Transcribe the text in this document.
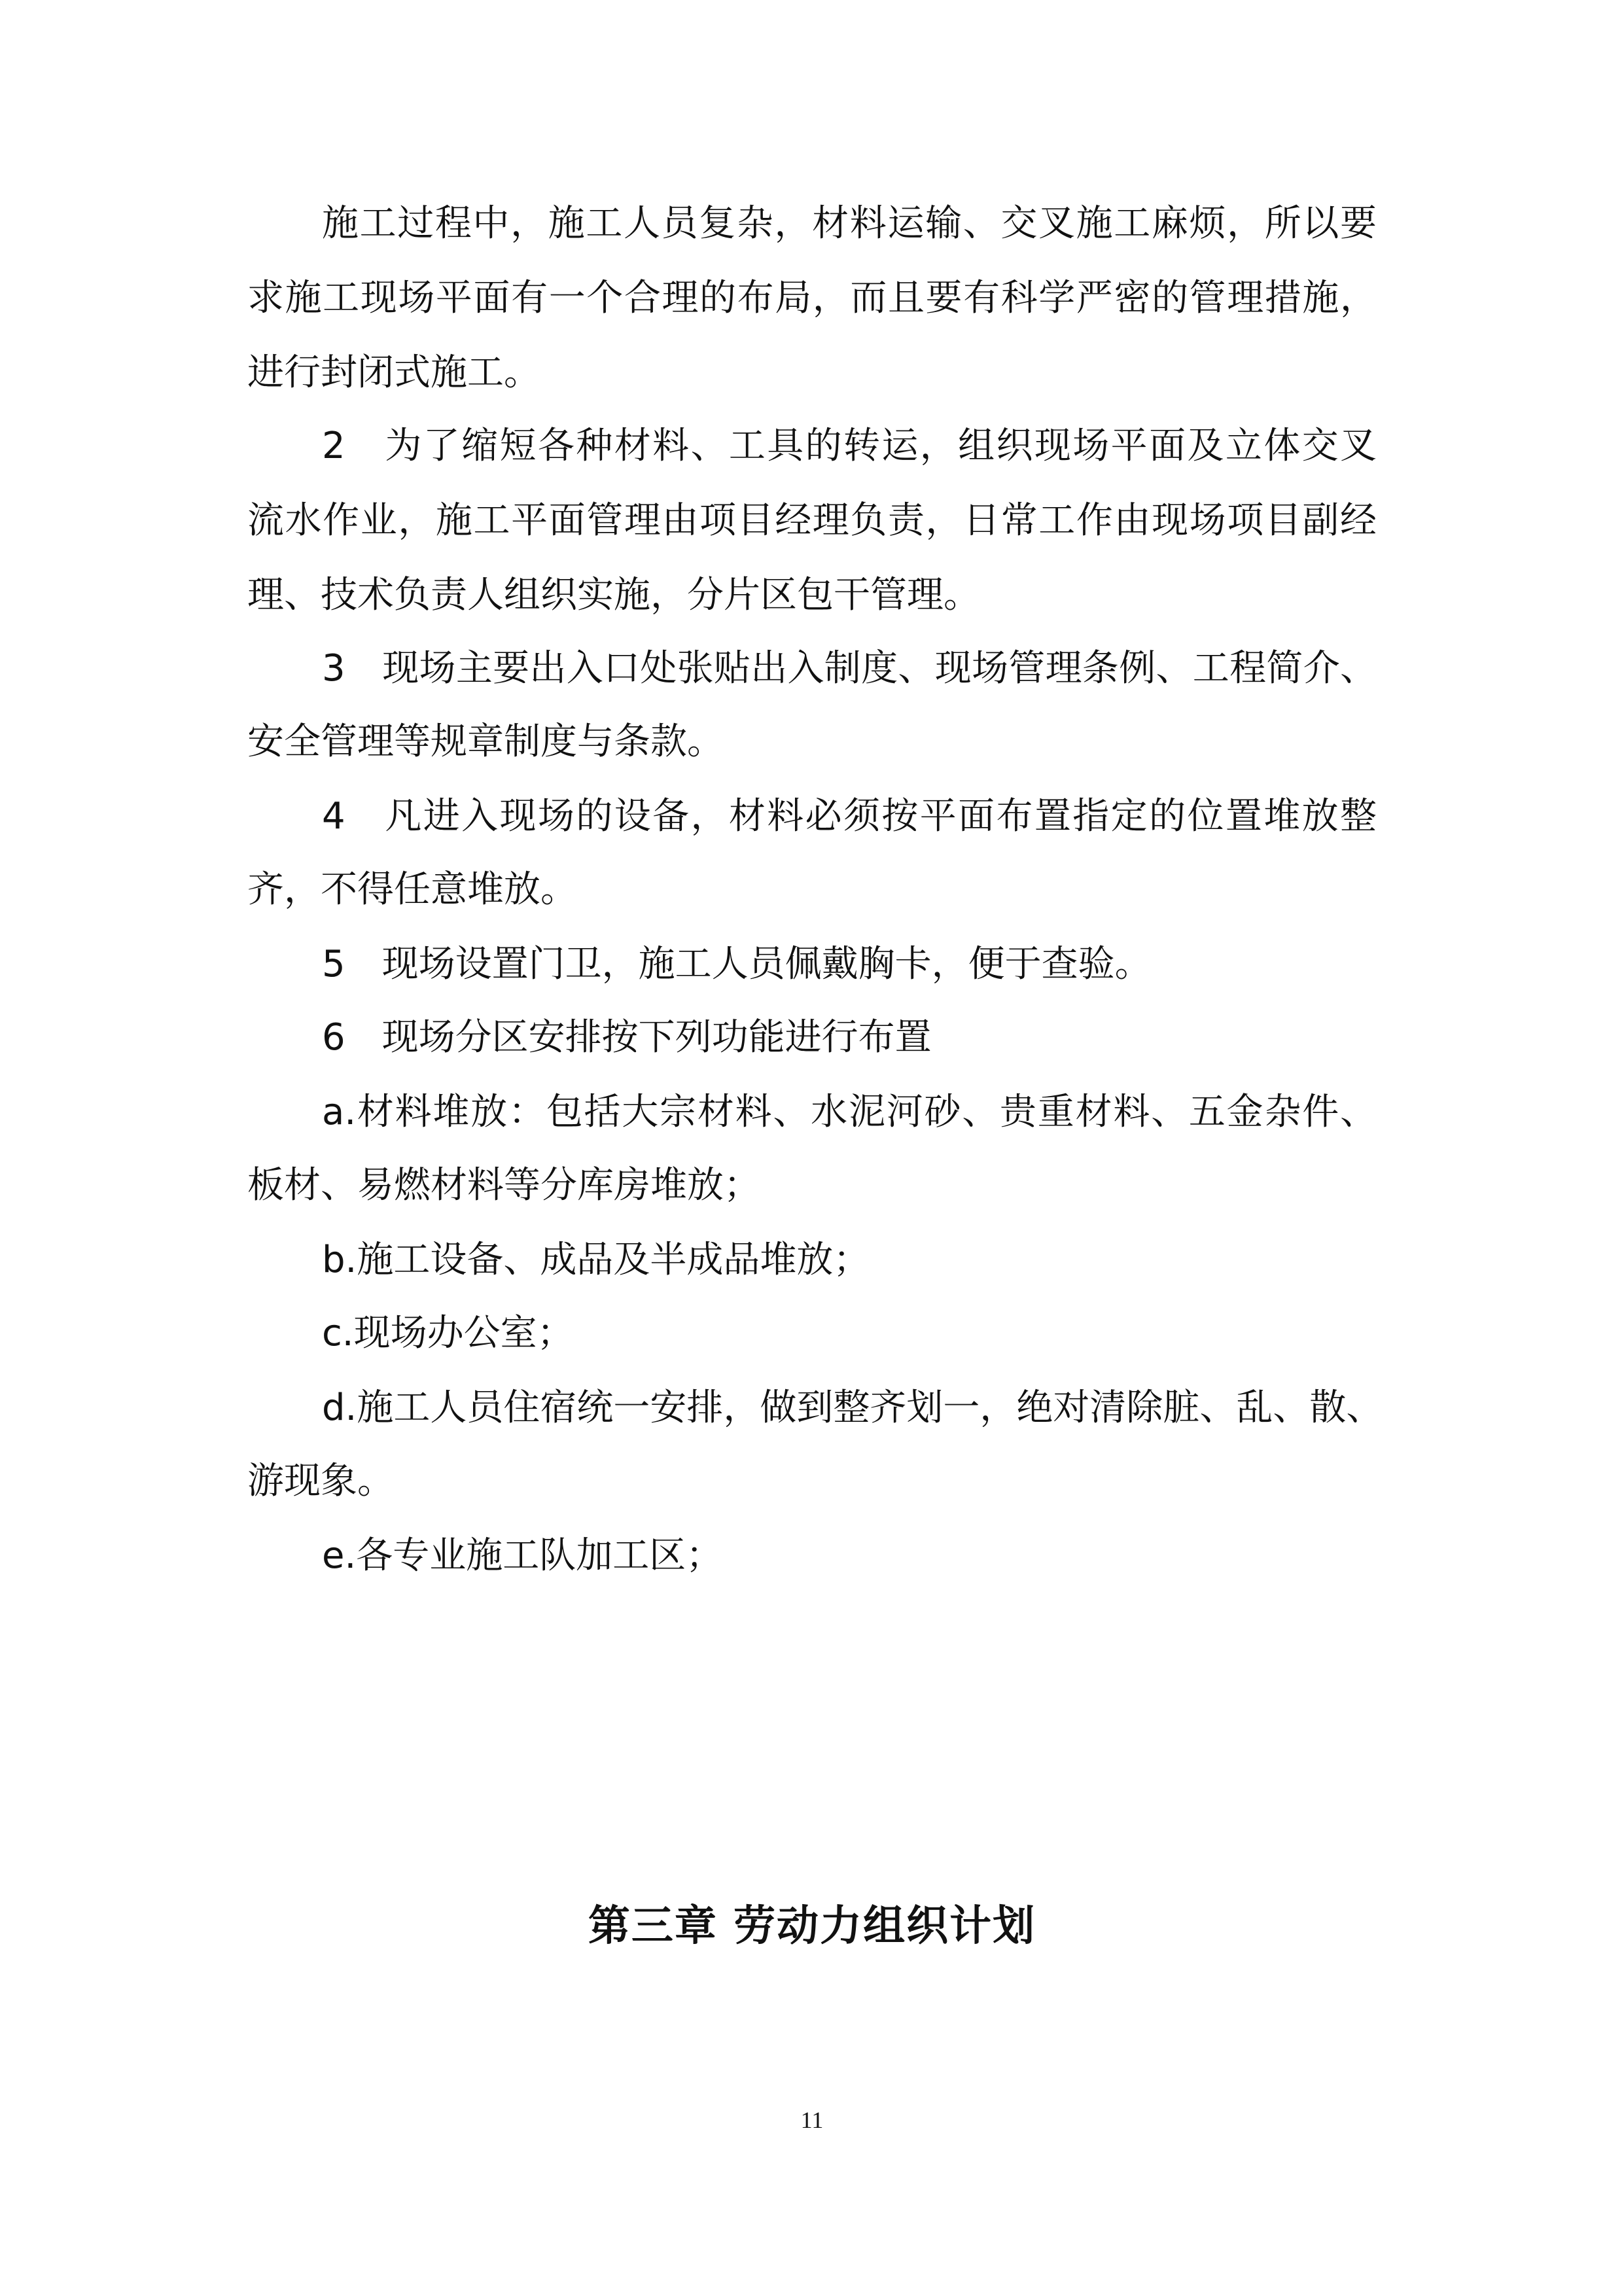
施工过程中，施工人员复杂，材料运输、交叉施工麻烦，所以要
求施工现场平面有一个合理的布局，而且要有科学严密的管理措施，
进行封闭式施工。
2　为了缩短各种材料、工具的转运，组织现场平面及立体交叉
流水作业，施工平面管理由项目经理负责，日常工作由现场项目副经
理、技术负责人组织实施，分片区包干管理。
3　现场主要出入口处张贴出入制度、现场管理条例、工程简介、
安全管理等规章制度与条款。
4　凡进入现场的设备，材料必须按平面布置指定的位置堆放整
齐，不得任意堆放。
5　现场设置门卫，施工人员佩戴胸卡，便于查验。
6　现场分区安排按下列功能进行布置
a.材料堆放：包括大宗材料、水泥河砂、贵重材料、五金杂件、
板材、易燃材料等分库房堆放；
b.施工设备、成品及半成品堆放；
c.现场办公室；
d.施工人员住宿统一安排，做到整齐划一，绝对清除脏、乱、散、
游现象。
e.各专业施工队加工区；
第三章 劳动力组织计划
11
